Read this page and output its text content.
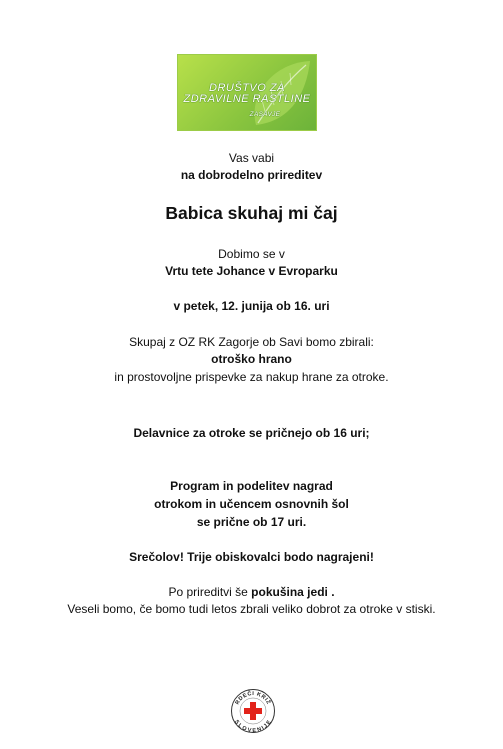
DRUŠTVO ZA
ZDRAVILNE RASTLINE
ZASAVJE
Vas vabi
na dobrodelno prireditev
Babica skuhaj mi čaj
Dobimo se v
Vrtu tete Johance v Evroparku
v petek, 12. junija ob 16. uri
Skupaj z OZ RK Zagorje ob Savi bomo zbirali:
otroško hrano
in prostovoljne prispevke za nakup hrane za otroke.
Delavnice za otroke se pričnejo ob 16 uri;
Program in podelitev nagrad
otrokom in učencem osnovnih šol
se prične ob 17 uri.
Srečolov! Trije obiskovalci bodo nagrajeni!
Po prireditvi še pokušina jedi .
Veseli bomo, če bomo tudi letos zbrali veliko dobrot za otroke v stiski.
RDEČI KRIŽ
SLOVENIJE
